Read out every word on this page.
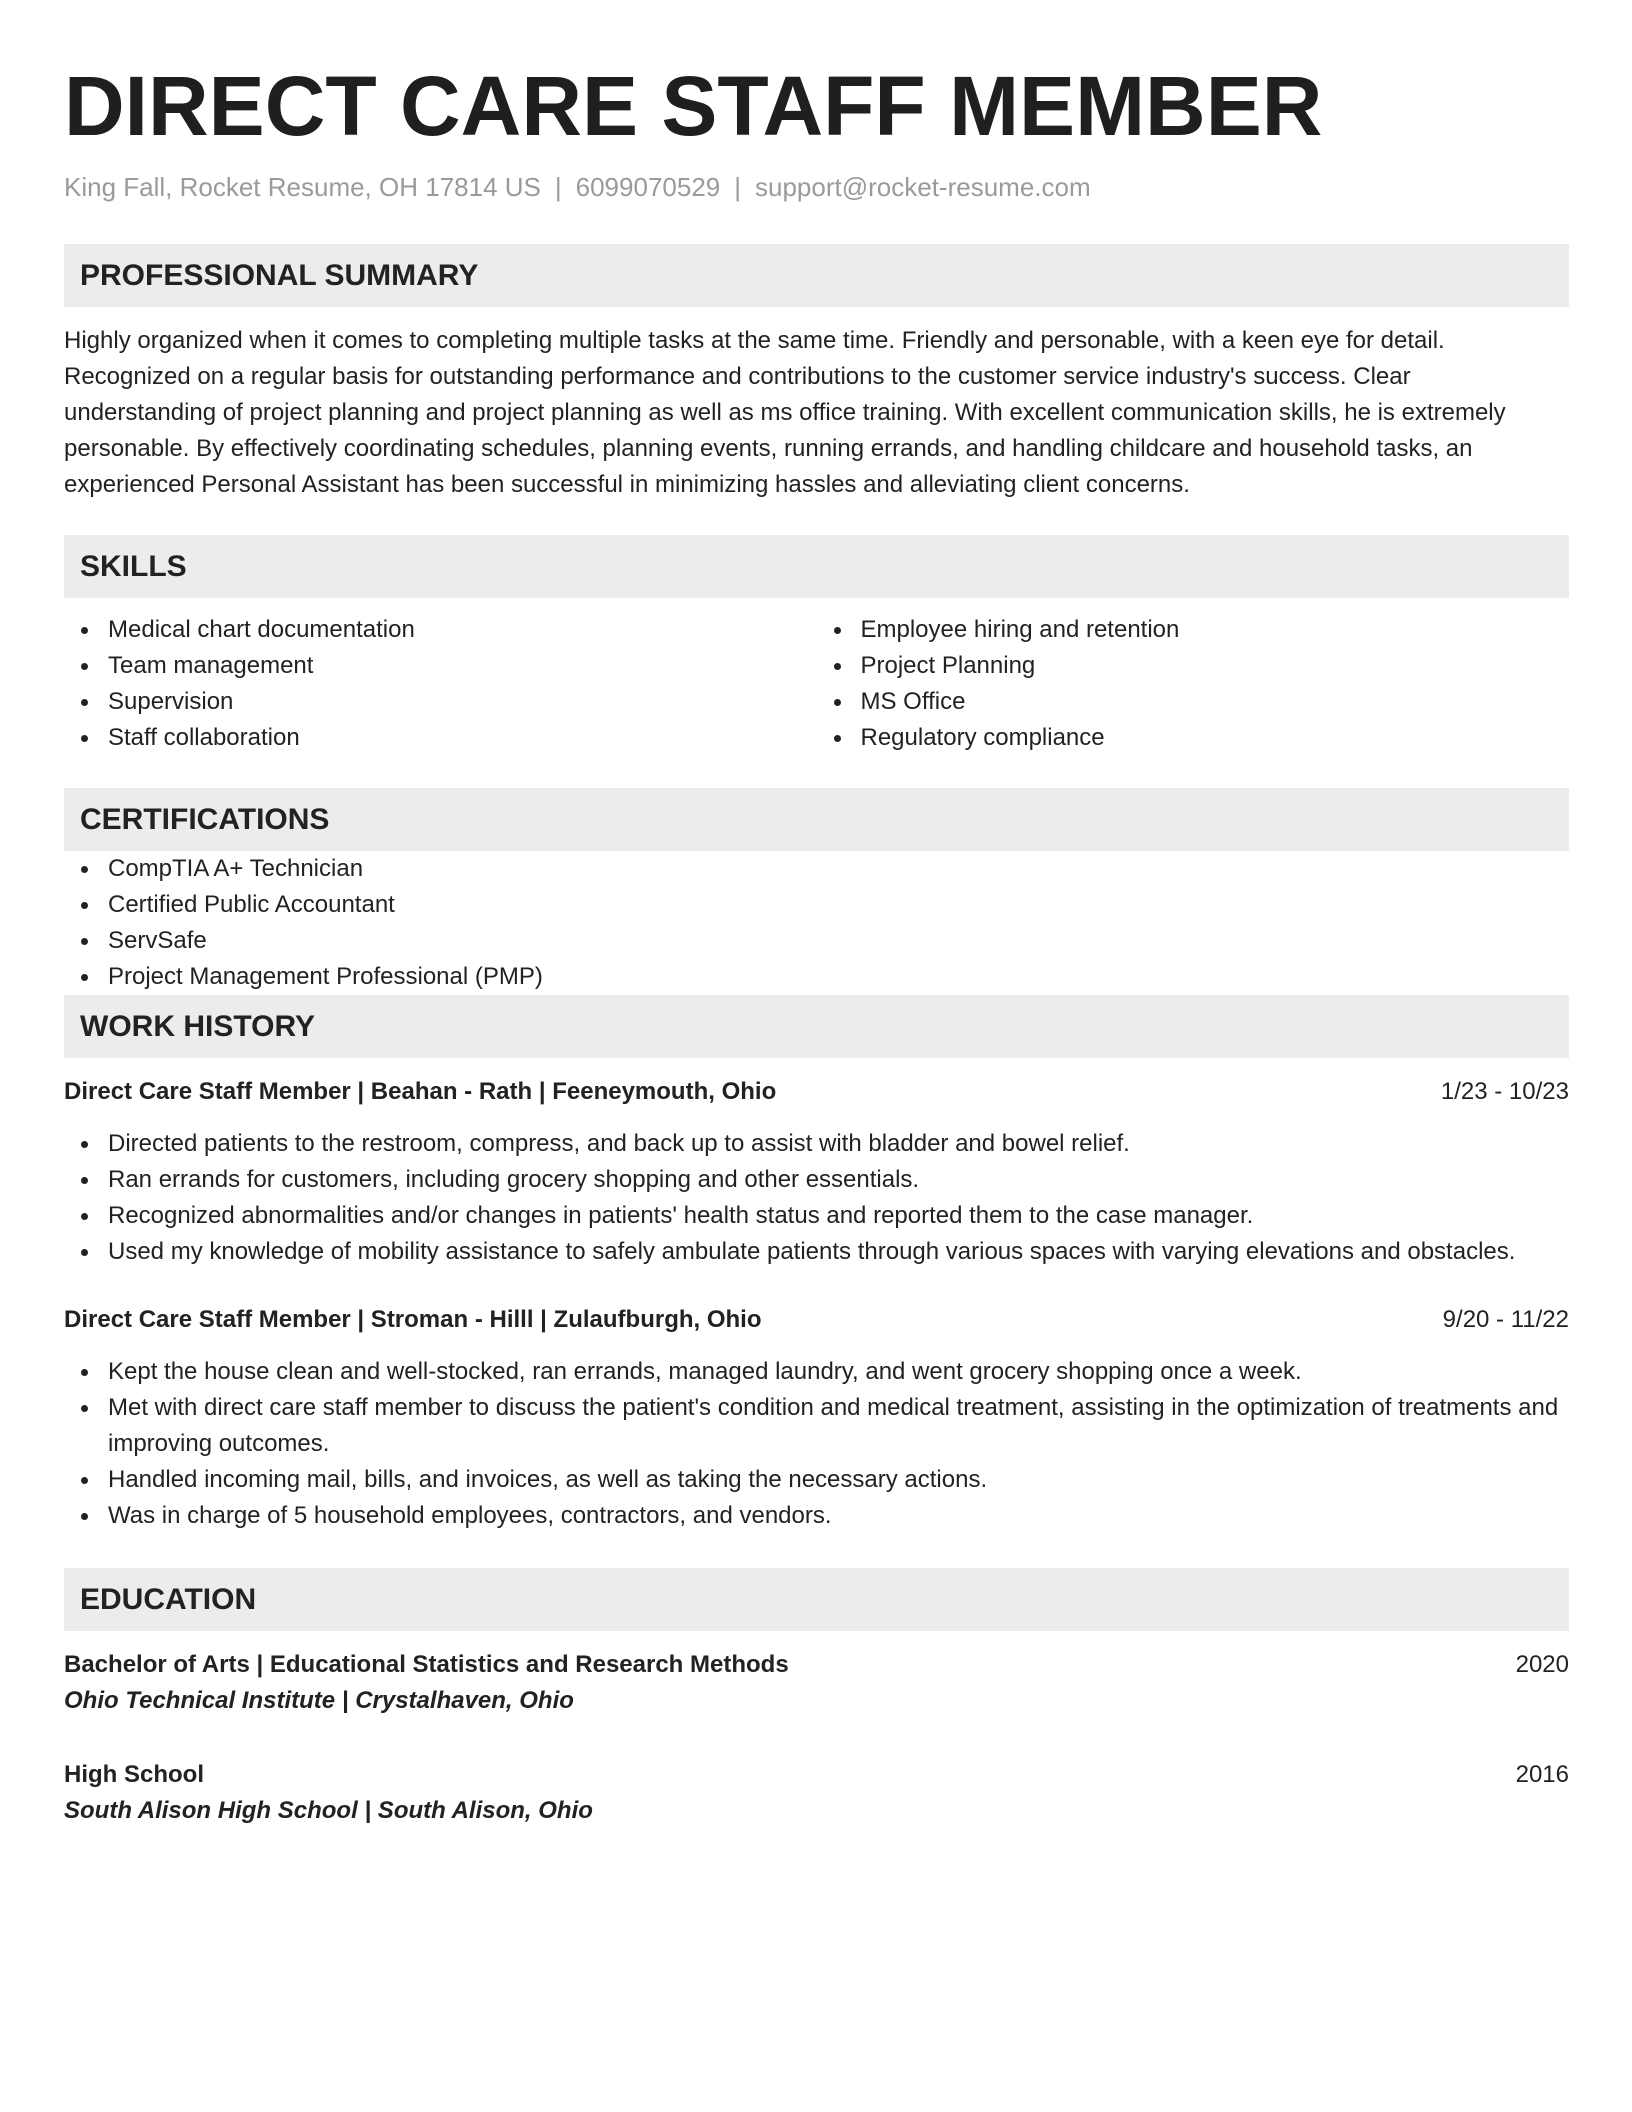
DIRECT CARE STAFF MEMBER
King Fall, Rocket Resume, OH 17814 US | 6099070529 | support@rocket-resume.com
PROFESSIONAL SUMMARY

Highly organized when it comes to completing multiple tasks at the same time. Friendly and personable, with a keen eye for detail. Recognized on a regular basis for outstanding performance and contributions to the customer service industry's success. Clear understanding of project planning and project planning as well as ms office training. With excellent communication skills, he is extremely personable. By effectively coordinating schedules, planning events, running errands, and handling childcare and household tasks, an experienced Personal Assistant has been successful in minimizing hassles and alleviating client concerns.

SKILLS
Medical chart documentation
Team management
Supervision
Staff collaboration
Employee hiring and retention
Project Planning
MS Office
Regulatory compliance
CERTIFICATIONS
CompTIA A+ Technician
Certified Public Accountant
ServSafe
Project Management Professional (PMP)
WORK HISTORY
Direct Care Staff Member | Beahan - Rath | Feeneymouth, Ohio	1/23 - 10/23
Directed patients to the restroom, compress, and back up to assist with bladder and bowel relief.
Ran errands for customers, including grocery shopping and other essentials.
Recognized abnormalities and/or changes in patients' health status and reported them to the case manager.
Used my knowledge of mobility assistance to safely ambulate patients through various spaces with varying elevations and obstacles.
Direct Care Staff Member | Stroman - Hilll | Zulaufburgh, Ohio	9/20 - 11/22
Kept the house clean and well-stocked, ran errands, managed laundry, and went grocery shopping once a week.
Met with direct care staff member to discuss the patient's condition and medical treatment, assisting in the optimization of treatments and improving outcomes.
Handled incoming mail, bills, and invoices, as well as taking the necessary actions.
Was in charge of 5 household employees, contractors, and vendors.
EDUCATION
Bachelor of Arts | Educational Statistics and Research Methods	2020
Ohio Technical Institute | Crystalhaven, Ohio
High School	2016
South Alison High School | South Alison, Ohio
